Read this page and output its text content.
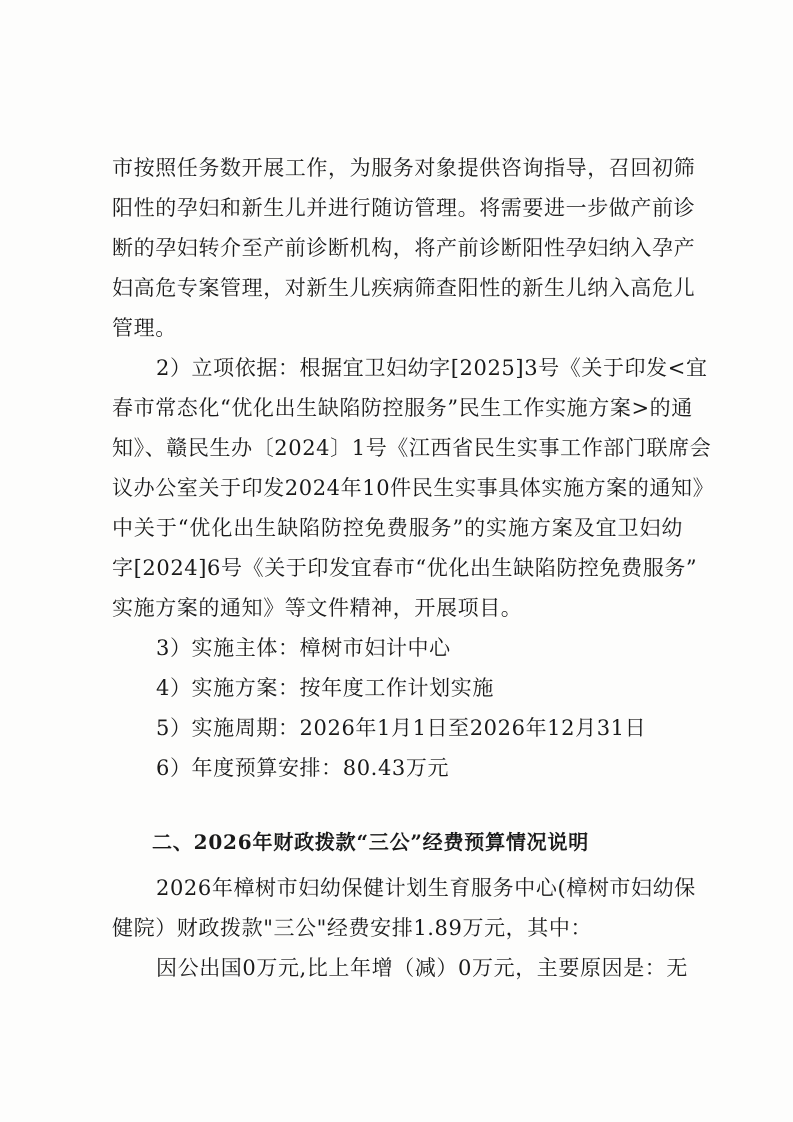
市按照任务数开展工作，为服务对象提供咨询指导，召回初筛
阳性的孕妇和新生儿并进行随访管理。将需要进一步做产前诊
断的孕妇转介至产前诊断机构，将产前诊断阳性孕妇纳入孕产
妇高危专案管理，对新生儿疾病筛查阳性的新生儿纳入高危儿
管理。
2）立项依据：根据宜卫妇幼字[2025]3号《关于印发<宜
春市常态化“优化出生缺陷防控服务”民生工作实施方案>的通
知》、赣民生办〔2024〕1号《江西省民生实事工作部门联席会
议办公室关于印发2024年10件民生实事具体实施方案的通知》
中关于“优化出生缺陷防控免费服务”的实施方案及宜卫妇幼
字[2024]6号《关于印发宜春市“优化出生缺陷防控免费服务”
实施方案的通知》等文件精神，开展项目。
3）实施主体：樟树市妇计中心
4）实施方案：按年度工作计划实施
5）实施周期：2026年1月1日至2026年12月31日
6）年度预算安排：80.43万元
二、2026年财政拨款“三公”经费预算情况说明
2026年樟树市妇幼保健计划生育服务中心(樟树市妇幼保
健院）财政拨款"三公"经费安排1.89万元，其中：
因公出国0万元,比上年增（减）0万元，主要原因是：无
